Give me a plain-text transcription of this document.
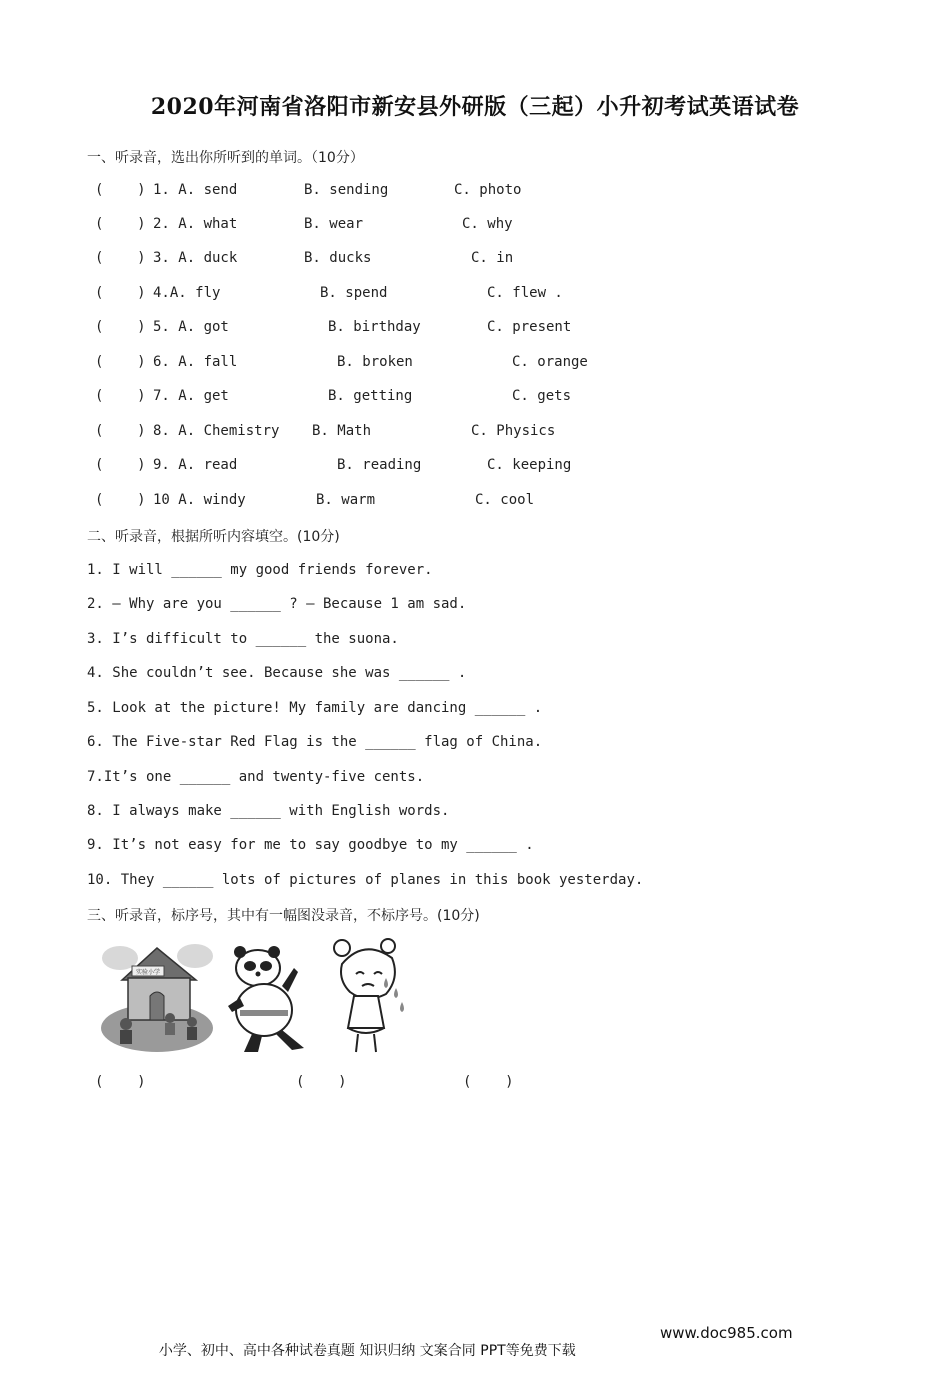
2020年河南省洛阳市新安县外研版（三起）小升初考试英语试卷
一、听录音，选出你所听到的单词。（10分）

(    )

1. A. send

	B. sending

	C. photo

(    )

2. A. what

	B. wear

	C. why

(    )

3. A. duck

	B. ducks

	C. in

(    )

4.A. fly

	B. spend

	C. flew .

(    )

5. A. got

	B. birthday

	C. present

(    )

6. A. fall

	B. broken

	C. orange

(    )

7. A. get

	B. getting

	C. gets

(    )

8. A. Chemistry

B. Math

	C. Physics

(    )

9. A. read

	B. reading

	C. keeping

(    )

10 A. windy

	B. warm

	C. cool

二、听录音，根据所听内容填空。(10分)
1. I will ______ my good friends forever.
2. — Why are you ______ ? — Because 1 am sad.
3. I’s difficult to ______ the suona.
4. She couldn’t see. Because she was ______ .
5. Look at the picture! My family are dancing ______ .
6. The Five-star Red Flag is the ______ flag of China.
7.It’s one ______ and twenty-five cents.
8. I always make ______ with English words.
9. It’s not easy for me to say goodbye to my ______ .
10. They ______ lots of pictures of planes in this book yesterday.
三、听录音，标序号，其中有一幅图没录音，不标序号。(10分)
实验小学
(    )	(    )	(    )

小学、初中、高中各种试卷真题 知识归纳 文案合同 PPT等免费下载

www.doc985.com
